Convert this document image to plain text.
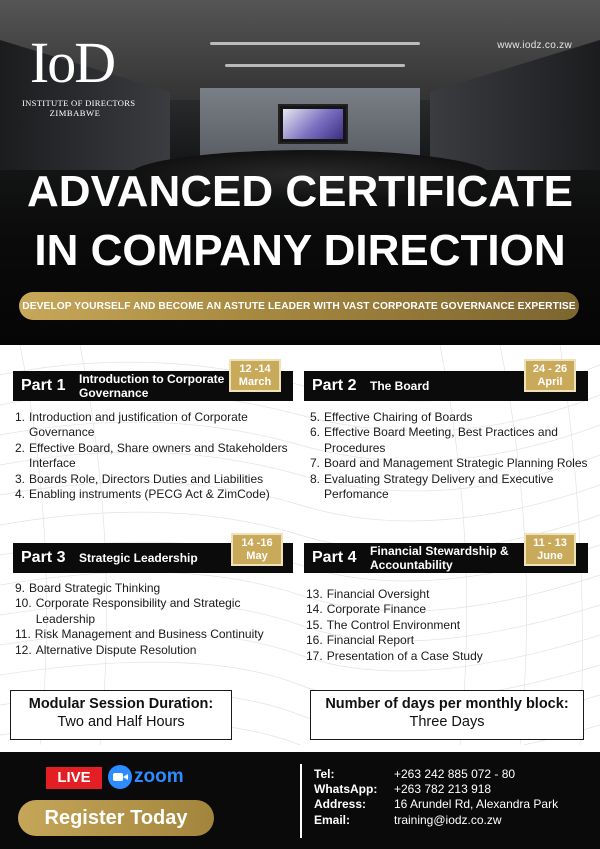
IoD
INSTITUTE OF DIRECTORS
ZIMBABWE
www.iodz.co.zw
ADVANCED CERTIFICATE
IN COMPANY DIRECTION
DEVELOP YOURSELF AND BECOME AN ASTUTE LEADER WITH VAST CORPORATE GOVERNANCE EXPERTISE
Part 1	Introduction to Corporate Governance
12 -14
March
1. Introduction and justification of Corporate Governance
2. Effective Board, Share owners and Stakeholders Interface
3. Boards Role, Directors Duties and Liabilities
4. Enabling instruments (PECG Act & ZimCode)
Part 2	The Board
24 - 26
April
5. Effective Chairing of Boards
6. Effective Board Meeting, Best Practices and Procedures
7. Board and Management Strategic Planning Roles
8. Evaluating Strategy Delivery and Executive Perfomance
Part 3	Strategic Leadership
14 -16
May
9. Board Strategic Thinking
10. Corporate Responsibility and Strategic Leadership
11. Risk Management and Business Continuity
12. Alternative Dispute Resolution
Part 4	Financial Stewardship & Accountability
11 - 13
June
13. Financial Oversight
14. Corporate Finance
15. The Control Environment
16. Financial Report
17. Presentation of a Case Study
Modular Session Duration:
Two and Half Hours
Number of days per monthly block:
Three Days
LIVE	zoom
Register Today
Tel:	+263 242 885 072 - 80
WhatsApp:	+263 782 213 918
Address:	16 Arundel Rd, Alexandra Park
Email:	training@iodz.co.zw
